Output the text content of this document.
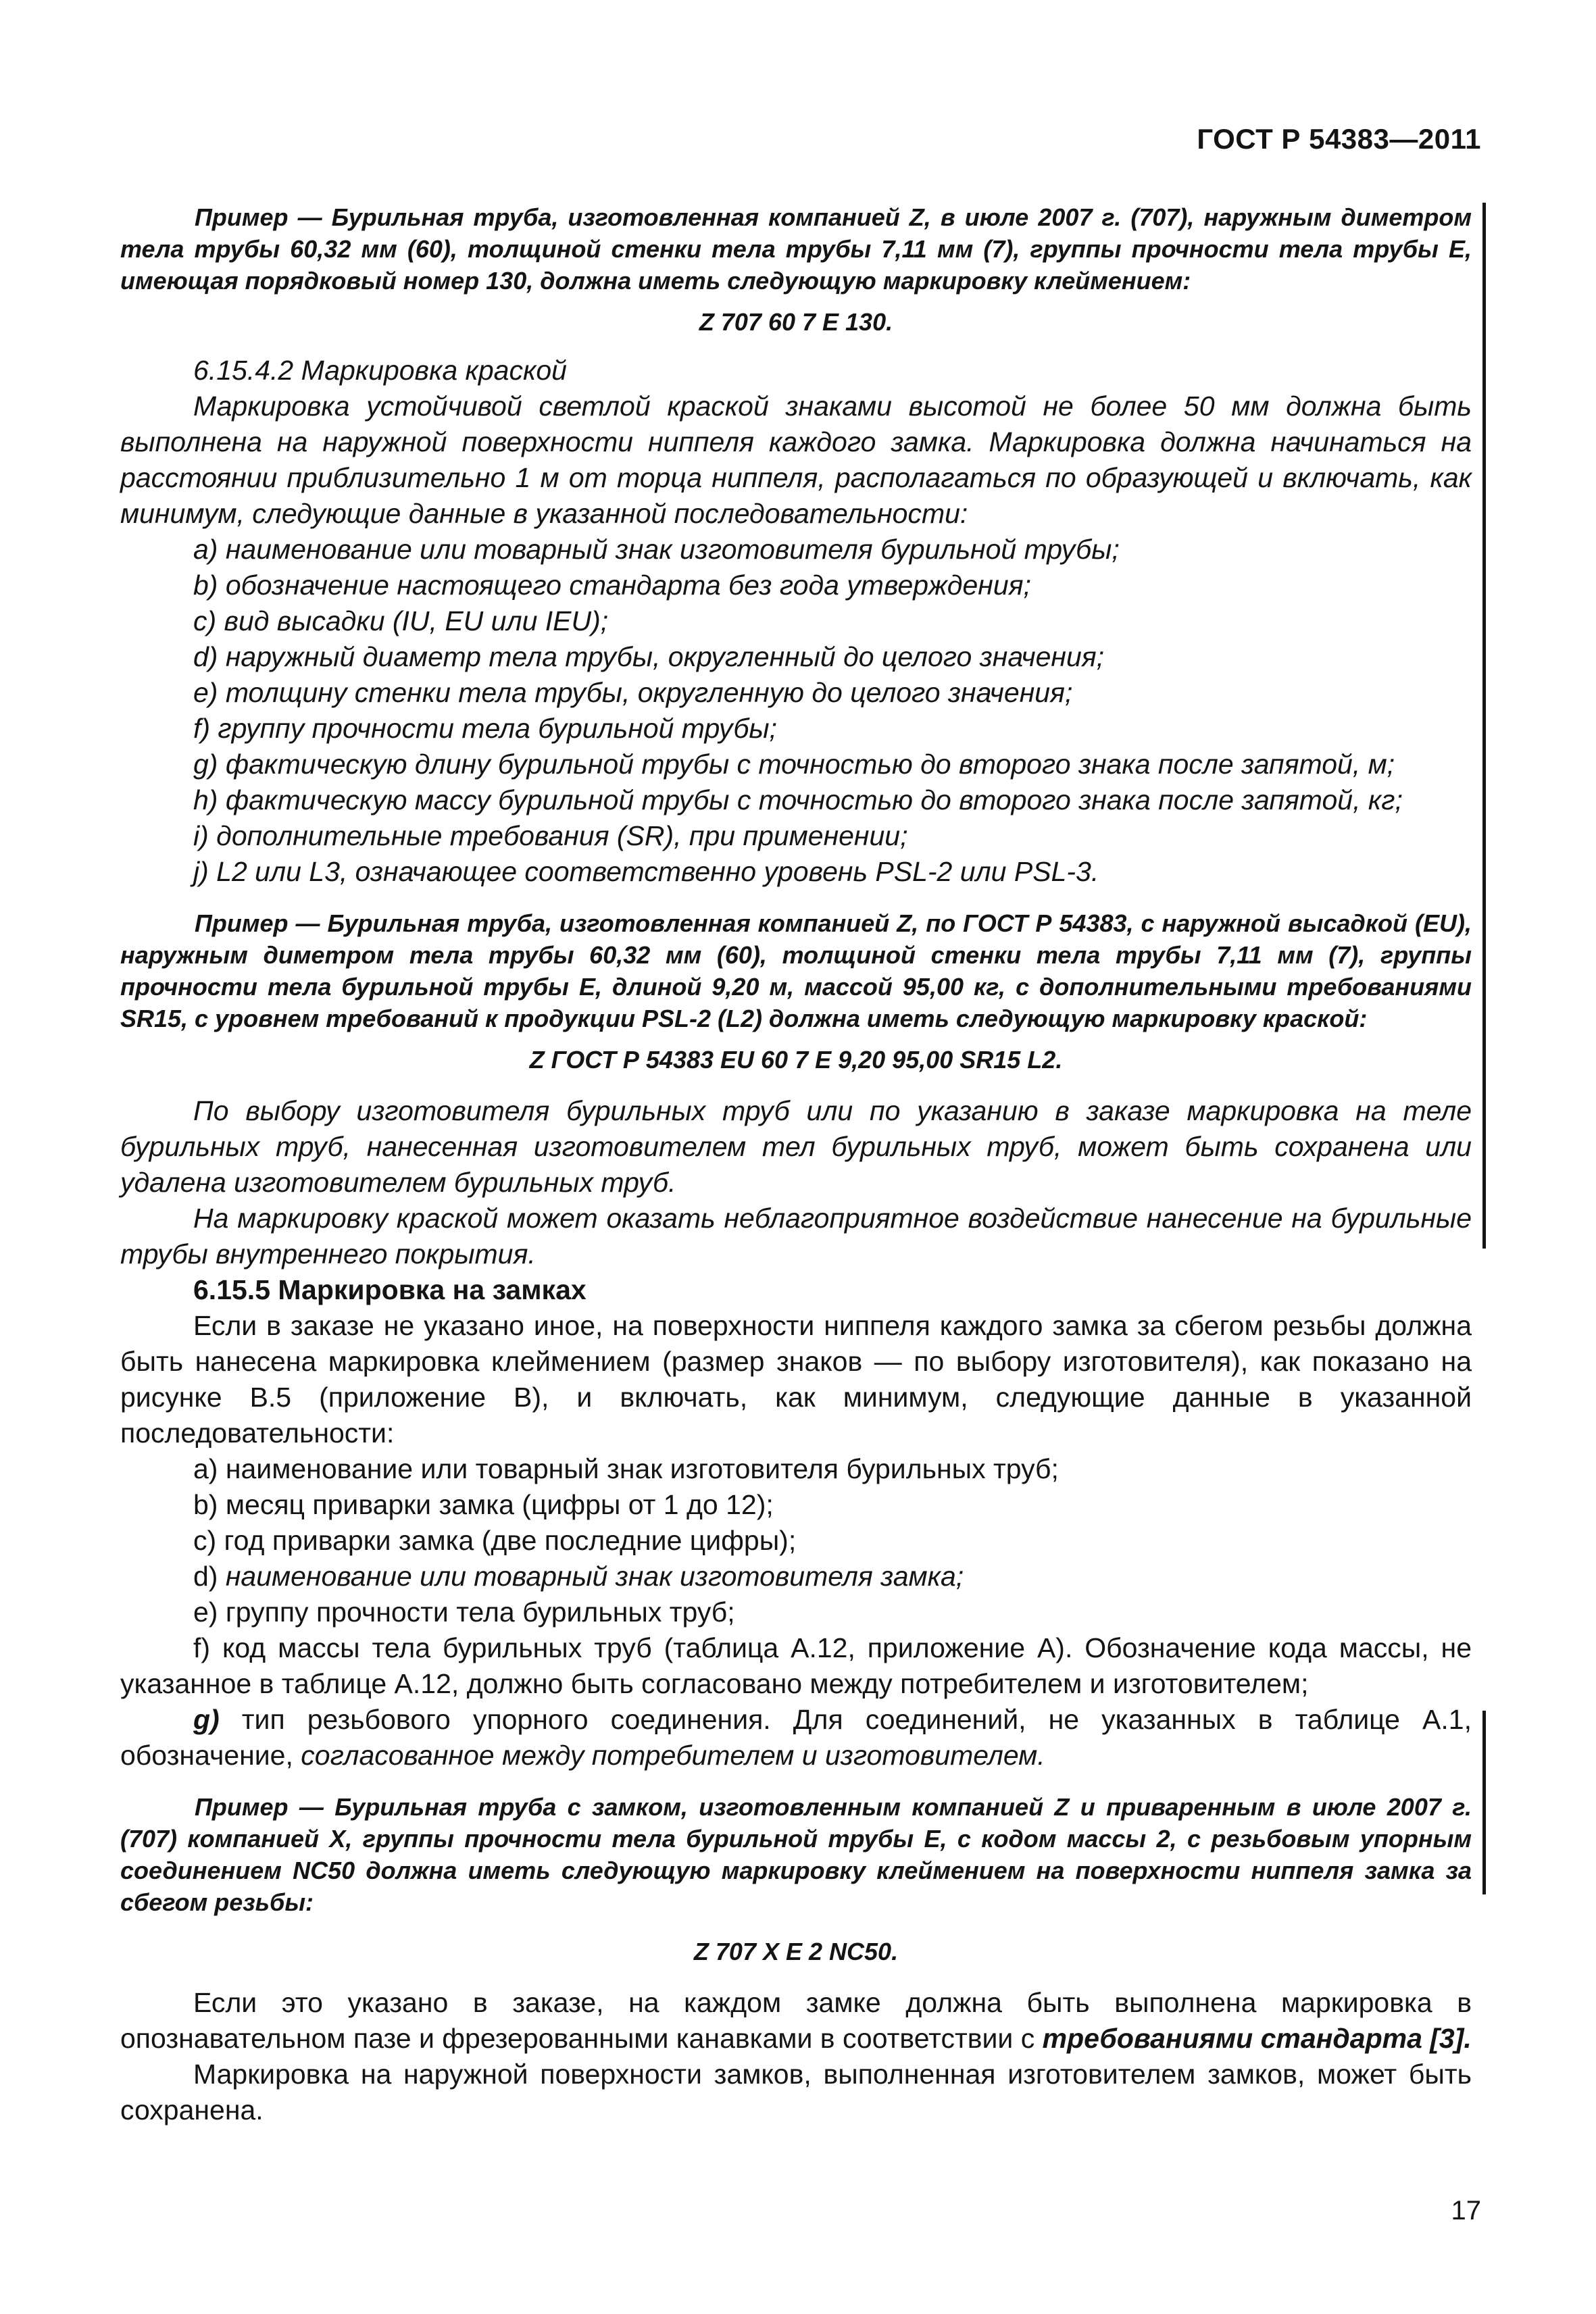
ГОСТ Р 54383—2011

Пример — Бурильная труба, изготовленная компанией Z, в июле 2007 г. (707), наружным диметром тела трубы 60,32 мм (60), толщиной стенки тела трубы 7,11 мм (7), группы прочности тела трубы E, имеющая порядковый номер 130, должна иметь следующую маркировку клеймением:

Z 707 60 7 E 130.

6.15.4.2 Маркировка краской

Маркировка устойчивой светлой краской знаками высотой не более 50 мм должна быть выполнена на наружной поверхности ниппеля каждого замка. Маркировка должна начинаться на расстоянии приблизительно 1 м от торца ниппеля, располагаться по образующей и включать, как минимум, следующие данные в указанной последовательности:

a) наименование или товарный знак изготовителя бурильной трубы;

b) обозначение настоящего стандарта без года утверждения;

c) вид высадки (IU, EU или IEU);

d) наружный диаметр тела трубы, округленный до целого значения;

e) толщину стенки тела трубы, округленную до целого значения;

f) группу прочности тела бурильной трубы;

g) фактическую длину бурильной трубы с точностью до второго знака после запятой, м;

h) фактическую массу бурильной трубы с точностью до второго знака после запятой, кг;

i) дополнительные требования (SR), при применении;

j) L2 или L3, означающее соответственно уровень PSL-2 или PSL-3.

Пример — Бурильная труба, изготовленная компанией Z, по ГОСТ Р 54383, с наружной высадкой (EU), наружным диметром тела трубы 60,32 мм (60), толщиной стенки тела трубы 7,11 мм (7), группы прочности тела бурильной трубы E, длиной 9,20 м, массой 95,00 кг, с дополнительными требованиями SR15, с уровнем требований к продукции PSL-2 (L2) должна иметь следующую маркировку краской:

Z ГОСТ Р 54383 EU 60 7 E 9,20 95,00 SR15 L2.

По выбору изготовителя бурильных труб или по указанию в заказе маркировка на теле бурильных труб, нанесенная изготовителем тел бурильных труб, может быть сохранена или удалена изготовителем бурильных труб.

На маркировку краской может оказать неблагоприятное воздействие нанесение на бурильные трубы внутреннего покрытия.

6.15.5 Маркировка на замках

Если в заказе не указано иное, на поверхности ниппеля каждого замка за сбегом резьбы должна быть нанесена маркировка клеймением (размер знаков — по выбору изготовителя), как показано на рисунке В.5 (приложение В), и включать, как минимум, следующие данные в указанной последовательности:

a) наименование или товарный знак изготовителя бурильных труб;

b) месяц приварки замка (цифры от 1 до 12);

c) год приварки замка (две последние цифры);

d) наименование или товарный знак изготовителя замка;

e) группу прочности тела бурильных труб;

f) код массы тела бурильных труб (таблица А.12, приложение А). Обозначение кода массы, не указанное в таблице А.12, должно быть согласовано между потребителем и изготовителем;

g) тип резьбового упорного соединения. Для соединений, не указанных в таблице А.1, обозначение, согласованное между потребителем и изготовителем.

Пример — Бурильная труба с замком, изготовленным компанией Z и приваренным в июле 2007 г. (707) компанией X, группы прочности тела бурильной трубы E, с кодом массы 2, с резьбовым упорным соединением NC50 должна иметь следующую маркировку клеймением на поверхности ниппеля замка за сбегом резьбы:

Z 707 X E 2 NC50.

Если это указано в заказе, на каждом замке должна быть выполнена маркировка в опознавательном пазе и фрезерованными канавками в соответствии с требованиями стандарта [3].

Маркировка на наружной поверхности замков, выполненная изготовителем замков, может быть сохранена.

17
